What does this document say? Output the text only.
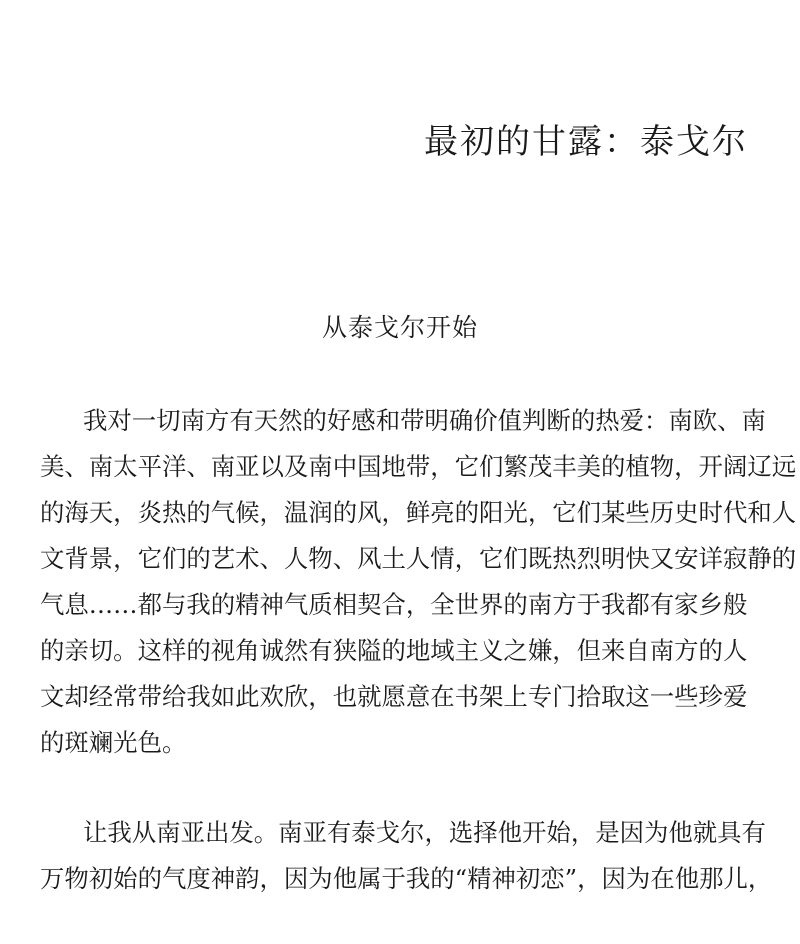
最初的甘露：泰戈尔
从泰戈尔开始
我对一切南方有天然的好感和带明确价值判断的热爱：南欧、南
美、南太平洋、南亚以及南中国地带，它们繁茂丰美的植物，开阔辽远
的海天，炎热的气候，温润的风，鲜亮的阳光，它们某些历史时代和人
文背景，它们的艺术、人物、风土人情，它们既热烈明快又安详寂静的
气息……都与我的精神气质相契合，全世界的南方于我都有家乡般
的亲切。这样的视角诚然有狭隘的地域主义之嫌，但来自南方的人
文却经常带给我如此欢欣，也就愿意在书架上专门拾取这一些珍爱
的斑斓光色。
让我从南亚出发。南亚有泰戈尔，选择他开始，是因为他就具有
万物初始的气度神韵，因为他属于我的“精神初恋”，因为在他那儿，
